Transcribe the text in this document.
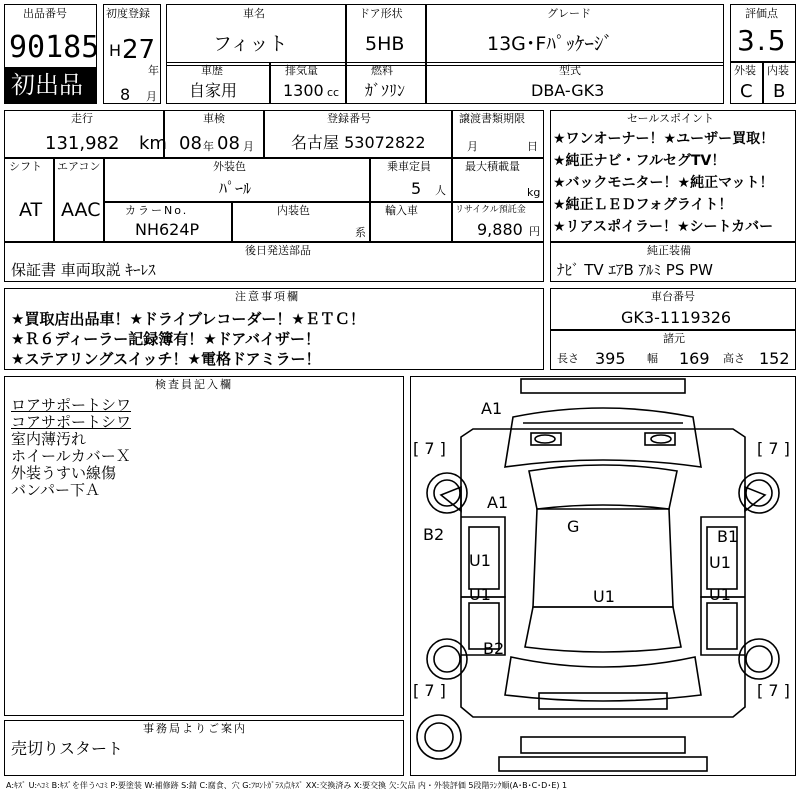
出品番号
90185
初出品
初度登録
H 27
年
8 月
車名
フィット
ドア形状
5HB
グレード
13G･Fﾊﾟｯｹｰｼﾞ
車歴
自家用
排気量
1300 cc
燃料
ｶﾞｿﾘﾝ
型式
DBA-GK3
評価点
3.5
外装
C
内装
B
走行
131,982 km
車検
08 年 08 月
登録番号
名古屋 53072822
譲渡書類期限
月	日
シフト
AT
エアコン
AAC
外装色
ﾊﾟｰﾙ
乗車定員
5 人
最大積載量
kg
カラーNo.
NH624P
内装色
系
輸入車	リサイクル預託金
9,880 円
後日発送部品
保証書 車両取説 ｷｰﾚｽ
セールスポイント
★ワンオーナー！★ユーザー買取！
★純正ナビ・フルセグTV！
★バックモニター！★純正マット！
★純正ＬＥＤフォグライト！
★リアスポイラー！★シートカバー
純正装備
ﾅﾋﾞ TV ｴｱB ｱﾙﾐ PS PW
注意事項欄
★買取店出品車！★ドライブレコーダー！★ＥＴＣ！
★Ｒ６ディーラー記録簿有！★ドアバイザー！
★ステアリングスイッチ！★電格ドアミラー！
車台番号
GK3-1119326
諸元
長さ 395 幅 169 高さ 152
検査員記入欄
ロアサポートシワ
コアサポートシワ
室内薄汚れ
ホイールカバーＸ
外装うすい線傷
バンパー下Ａ
事務局よりご案内
売切りスタート
A1
A1
G
B2	B1
U1	U1
U1	U1	U1
B2
[ 7 ]	[ 7 ]
[ 7 ]	[ 7 ]
A:ｷｽﾞ U:ﾍｺﾐ B:ｷｽﾞを伴うﾍｺﾐ P:要塗装 W:補修跡 S:錆 C:腐食、穴 G:ﾌﾛﾝﾄｶﾞﾗｽ点ｷｽﾞ XX:交換済み X:要交換 欠:欠品 内・外装評価 5段階ﾗﾝｸ順(A･B･C･D･E) 1
